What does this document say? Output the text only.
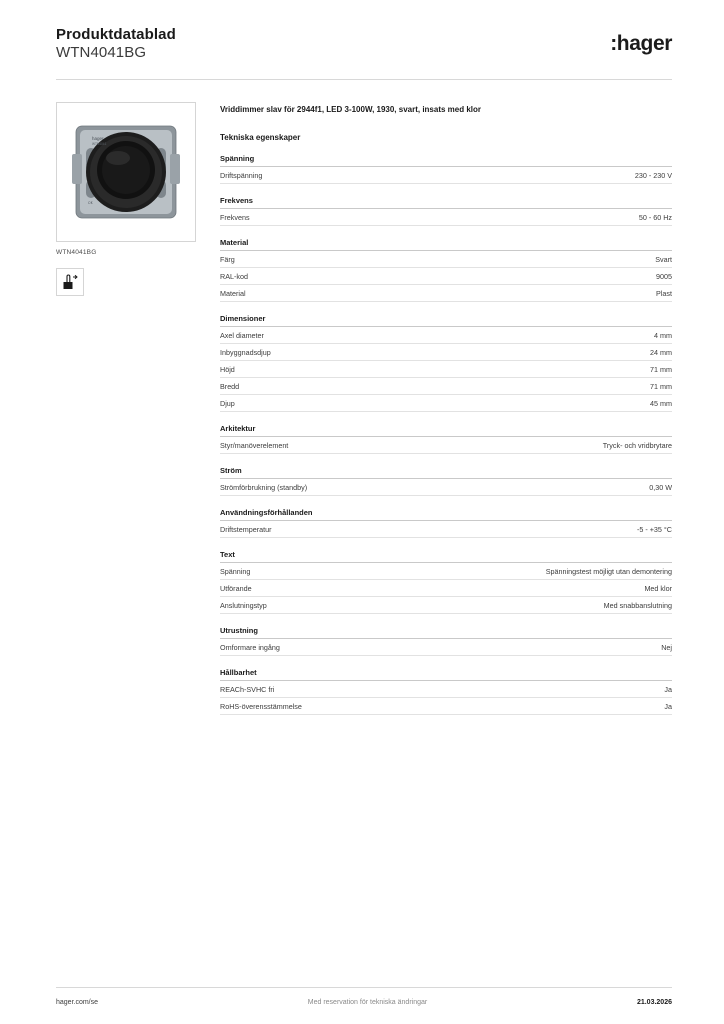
Produktdatablad
WTN4041BG	:hager
hager
WTN4041
C€
WTN4041BG
Vriddimmer slav för 2944f1, LED 3-100W, 1930, svart, insats med klor
Tekniska egenskaper
Spänning
Driftspänning	230 - 230 V
Frekvens
Frekvens	50 - 60 Hz
Material
Färg	Svart
RAL-kod	9005
Material	Plast
Dimensioner
Axel diameter	4 mm
Inbyggnadsdjup	24 mm
Höjd	71 mm
Bredd	71 mm
Djup	45 mm
Arkitektur
Styr/manöverelement	Tryck- och vridbrytare
Ström
Strömförbrukning (standby)	0,30 W
Användningsförhållanden
Driftstemperatur	-5 - +35 °C
Text
Spänning	Spänningstest möjligt utan demontering
Utförande	Med klor
Anslutningstyp	Med snabbanslutning
Utrustning
Omformare ingång	Nej
Hållbarhet
REACh-SVHC fri	Ja
RoHS-överensstämmelse	Ja
hager.com/se	Med reservation för tekniska ändringar	21.03.2026
